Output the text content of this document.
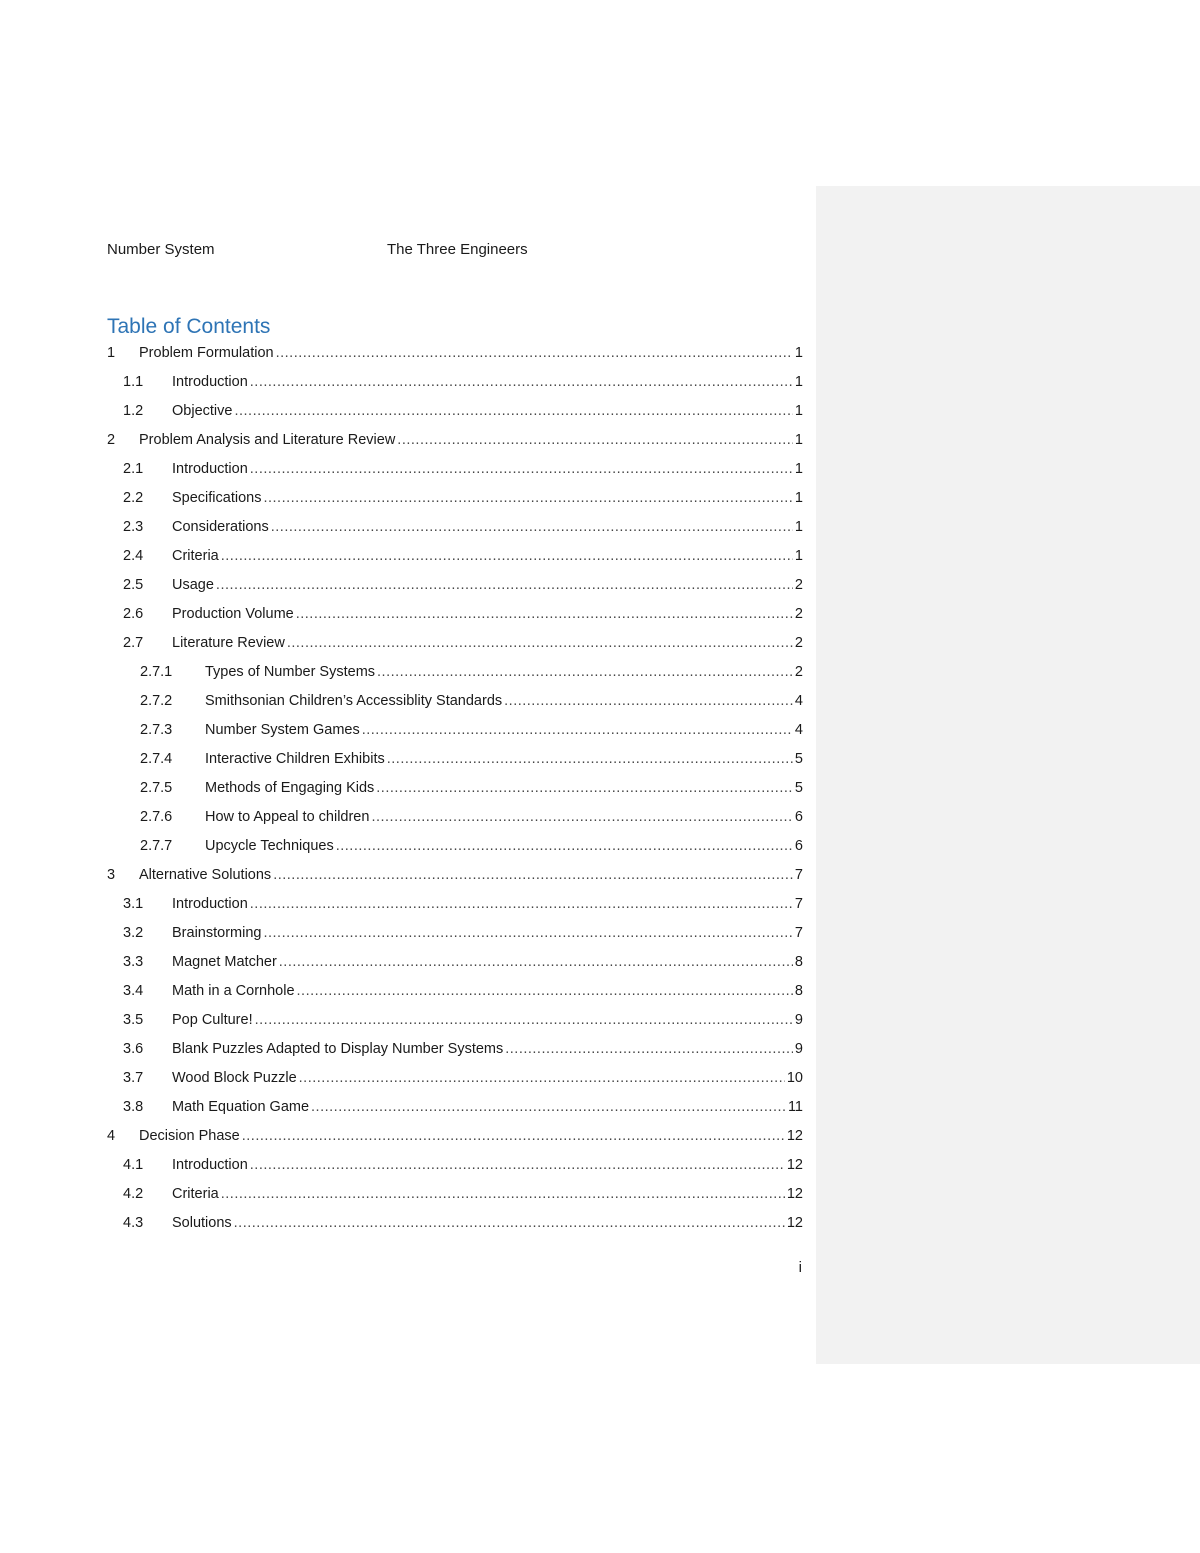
Number System	The Three Engineers
Table of Contents
1	Problem Formulation .....	1
1.1	Introduction .....	1
1.2	Objective .....	1
2	Problem Analysis and Literature Review .....	1
2.1	Introduction .....	1
2.2	Specifications .....	1
2.3	Considerations .....	1
2.4	Criteria .....	1
2.5	Usage .....	2
2.6	Production Volume .....	2
2.7	Literature Review .....	2
2.7.1	Types of Number Systems .....	2
2.7.2	Smithsonian Children’s Accessiblity Standards .....	4
2.7.3	Number System Games .....	4
2.7.4	Interactive Children Exhibits .....	5
2.7.5	Methods of Engaging Kids .....	5
2.7.6	How to Appeal to children .....	6
2.7.7	Upcycle Techniques .....	6
3	Alternative Solutions .....	7
3.1	Introduction .....	7
3.2	Brainstorming .....	7
3.3	Magnet Matcher .....	8
3.4	Math in a Cornhole .....	8
3.5	Pop Culture! .....	9
3.6	Blank Puzzles Adapted to Display Number Systems .....	9
3.7	Wood Block Puzzle .....	10
3.8	Math Equation Game .....	11
4	Decision Phase .....	12
4.1	Introduction .....	12
4.2	Criteria .....	12
4.3	Solutions .....	12
i
